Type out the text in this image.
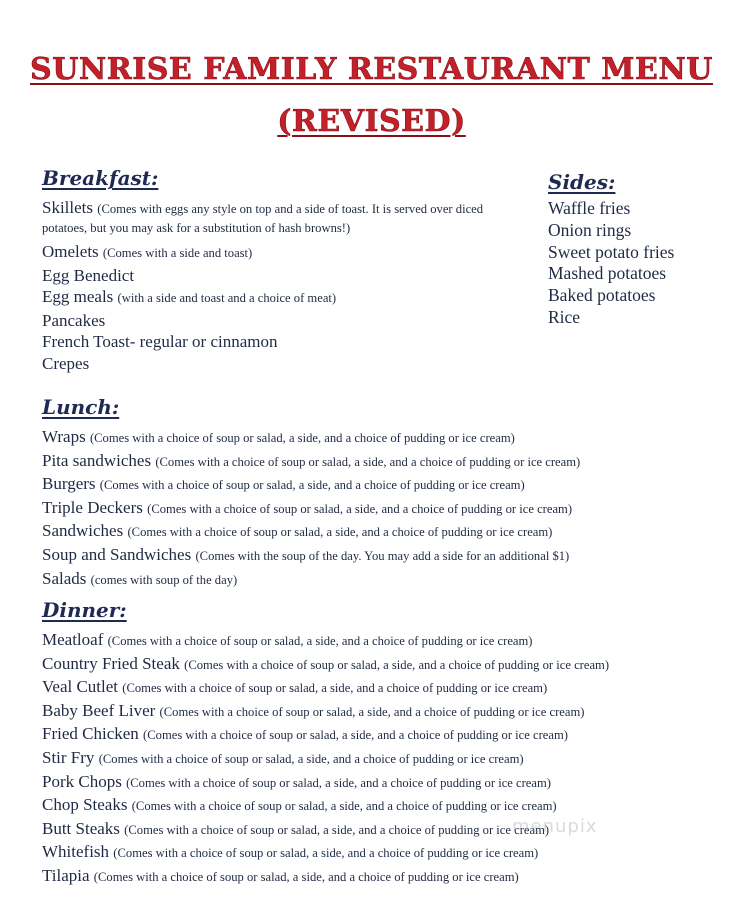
SUNRISE FAMILY RESTAURANT MENU
(REVISED)
Breakfast:
Skillets (Comes with eggs any style on top and a side of toast. It is served over diced potatoes, but you may ask for a substitution of hash browns!)
Omelets (Comes with a side and toast)
Egg Benedict
Egg meals (with a side and toast and a choice of meat)
Pancakes
French Toast- regular or cinnamon
Crepes
Sides:
Waffle fries
Onion rings
Sweet potato fries
Mashed potatoes
Baked potatoes
Rice
Lunch:
Wraps (Comes with a choice of soup or salad, a side, and a choice of pudding or ice cream)
Pita sandwiches (Comes with a choice of soup or salad, a side, and a choice of pudding or ice cream)
Burgers (Comes with a choice of soup or salad, a side, and a choice of pudding or ice cream)
Triple Deckers (Comes with a choice of soup or salad, a side, and a choice of pudding or ice cream)
Sandwiches (Comes with a choice of soup or salad, a side, and a choice of pudding or ice cream)
Soup and Sandwiches (Comes with the soup of the day. You may add a side for an additional $1)
Salads (comes with soup of the day)
Dinner:
Meatloaf (Comes with a choice of soup or salad, a side, and a choice of pudding or ice cream)
Country Fried Steak (Comes with a choice of soup or salad, a side, and a choice of pudding or ice cream)
Veal Cutlet (Comes with a choice of soup or salad, a side, and a choice of pudding or ice cream)
Baby Beef Liver (Comes with a choice of soup or salad, a side, and a choice of pudding or ice cream)
Fried Chicken (Comes with a choice of soup or salad, a side, and a choice of pudding or ice cream)
Stir Fry (Comes with a choice of soup or salad, a side, and a choice of pudding or ice cream)
Pork Chops (Comes with a choice of soup or salad, a side, and a choice of pudding or ice cream)
Chop Steaks (Comes with a choice of soup or salad, a side, and a choice of pudding or ice cream)
Butt Steaks (Comes with a choice of soup or salad, a side, and a choice of pudding or ice cream)
Whitefish (Comes with a choice of soup or salad, a side, and a choice of pudding or ice cream)
Tilapia (Comes with a choice of soup or salad, a side, and a choice of pudding or ice cream)
menupix
